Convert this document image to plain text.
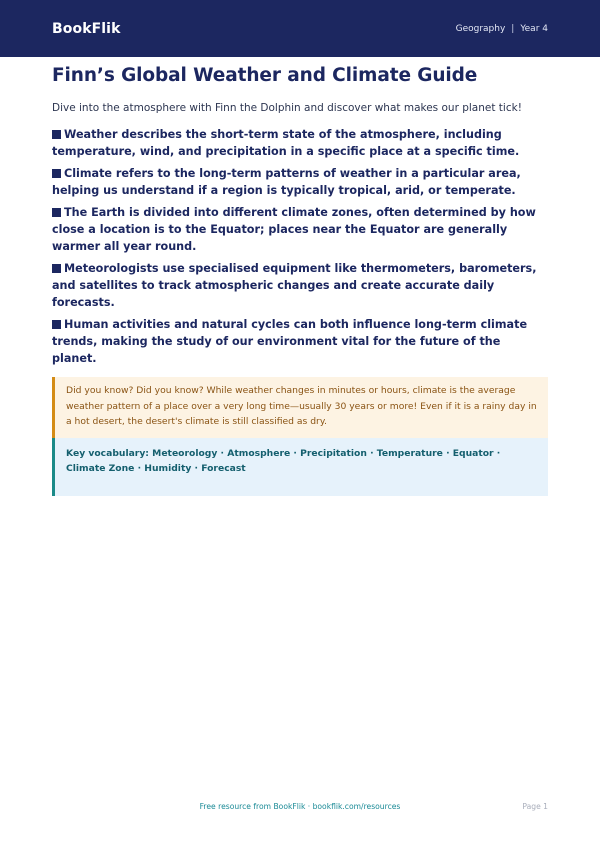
BookFlik	Geography | Year 4
Finn’s Global Weather and Climate Guide
Dive into the atmosphere with Finn the Dolphin and discover what makes our planet tick!
Weather describes the short-term state of the atmosphere, including temperature, wind, and precipitation in a specific place at a specific time.
Climate refers to the long-term patterns of weather in a particular area, helping us understand if a region is typically tropical, arid, or temperate.
The Earth is divided into different climate zones, often determined by how close a location is to the Equator; places near the Equator are generally warmer all year round.
Meteorologists use specialised equipment like thermometers, barometers, and satellites to track atmospheric changes and create accurate daily forecasts.
Human activities and natural cycles can both influence long-term climate trends, making the study of our environment vital for the future of the planet.
Did you know? Did you know? While weather changes in minutes or hours, climate is the average weather pattern of a place over a very long time—usually 30 years or more! Even if it is a rainy day in a hot desert, the desert's climate is still classified as dry.
Key vocabulary: Meteorology · Atmosphere · Precipitation · Temperature · Equator · Climate Zone · Humidity · Forecast
Free resource from BookFlik · bookflik.com/resources	Page 1
